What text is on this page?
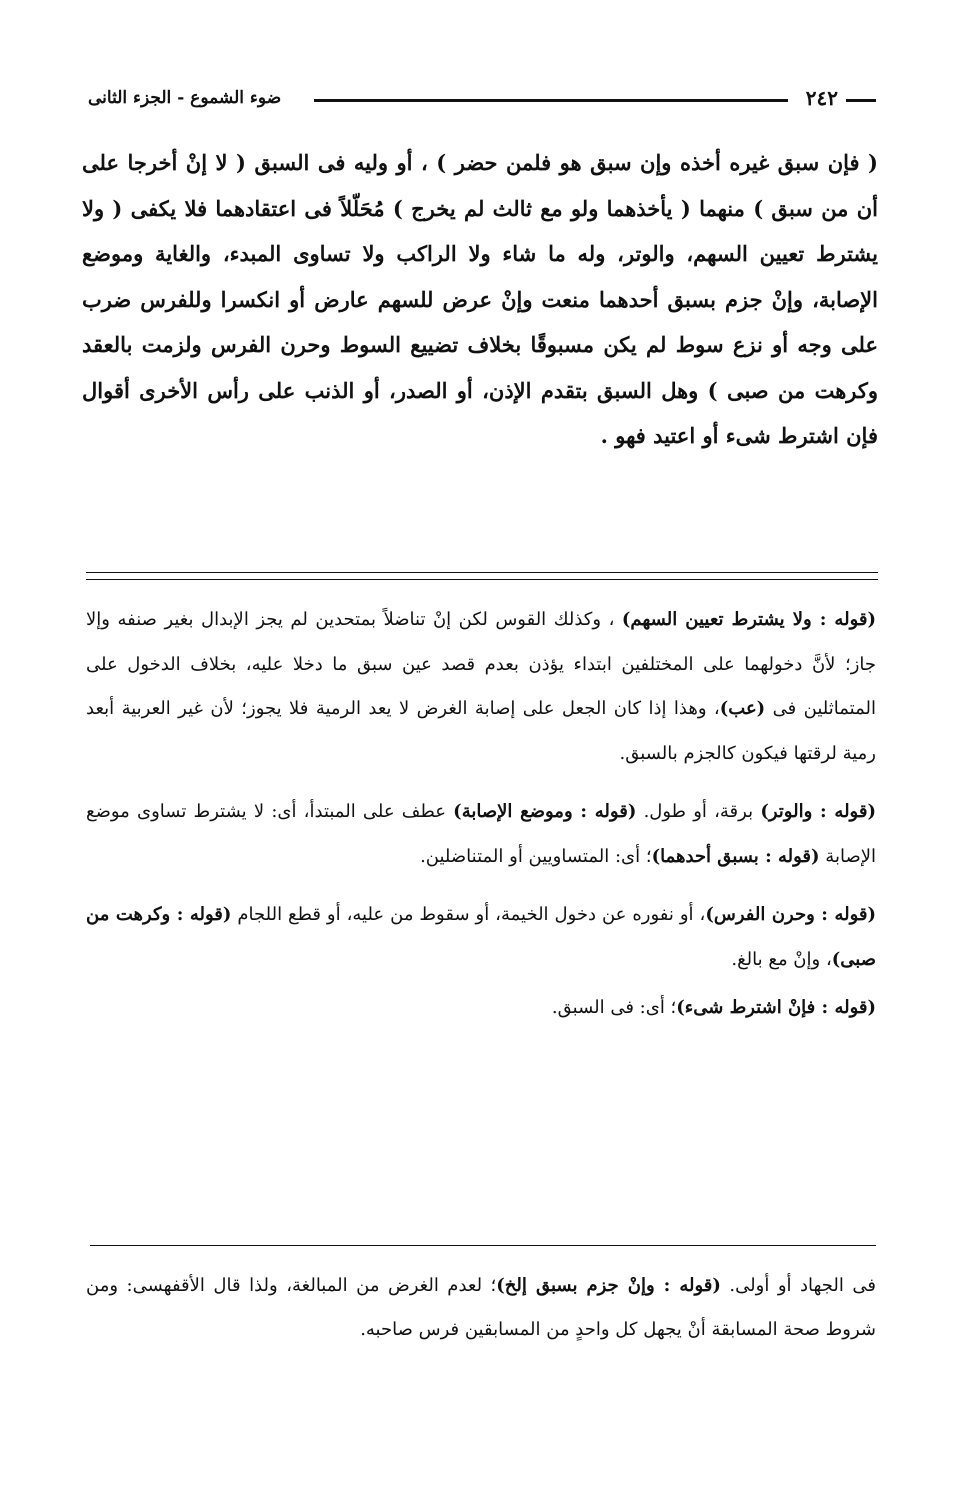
ضوء الشموع - الجزء الثانى	٢٤٢

( فإن سبق غيره أخذه وإن سبق هو فلمن حضر ) ، أو وليه فى السبق ( لا إنْ أخرجا على أن من سبق ) منهما ( يأخذهما ولو مع ثالث لم يخرج ) مُحَلّلاً فى اعتقادهما فلا يكفى ( ولا يشترط تعيين السهم، والوتر، وله ما شاء ولا الراكب ولا تساوى المبدء، والغاية وموضع الإصابة، وإنْ جزم بسبق أحدهما منعت وإنْ عرض للسهم عارض أو انكسرا وللفرس ضرب على وجه أو نزع سوط لم يكن مسبوقًا بخلاف تضييع السوط وحرن الفرس ولزمت بالعقد وكرهت من صبى ) وهل السبق بتقدم الإذن، أو الصدر، أو الذنب على رأس الأخرى أقوال فإن اشترط شىء أو اعتيد فهو .

(قوله : ولا يشترط تعيين السهم) ، وكذلك القوس لكن إنْ تناضلاً بمتحدين لم يجز الإبدال بغير صنفه وإلا جاز؛ لأنَّ دخولهما على المختلفين ابتداء يؤذن بعدم قصد عين سبق ما دخلا عليه، بخلاف الدخول على المتماثلين فى (عب)، وهذا إذا كان الجعل على إصابة الغرض لا يعد الرمية فلا يجوز؛ لأن غير العربية أبعد رمية لرقتها فيكون كالجزم بالسبق.

(قوله : والوتر) برقة، أو طول. (قوله : وموضع الإصابة) عطف على المبتدأ، أى: لا يشترط تساوى موضع الإصابة (قوله : بسبق أحدهما)؛ أى: المتساويين أو المتناضلين.

(قوله : وحرن الفرس)، أو نفوره عن دخول الخيمة، أو سقوط من عليه، أو قطع اللجام (قوله : وكرهت من صبى)، وإنْ مع بالغ.

(قوله : فإنْ اشترط شىء)؛ أى: فى السبق.

فى الجهاد أو أولى. (قوله : وإنْ جزم بسبق إلخ)؛ لعدم الغرض من المبالغة، ولذا قال الأقفهسى: ومن شروط صحة المسابقة أنْ يجهل كل واحدٍ من المسابقين فرس صاحبه.
